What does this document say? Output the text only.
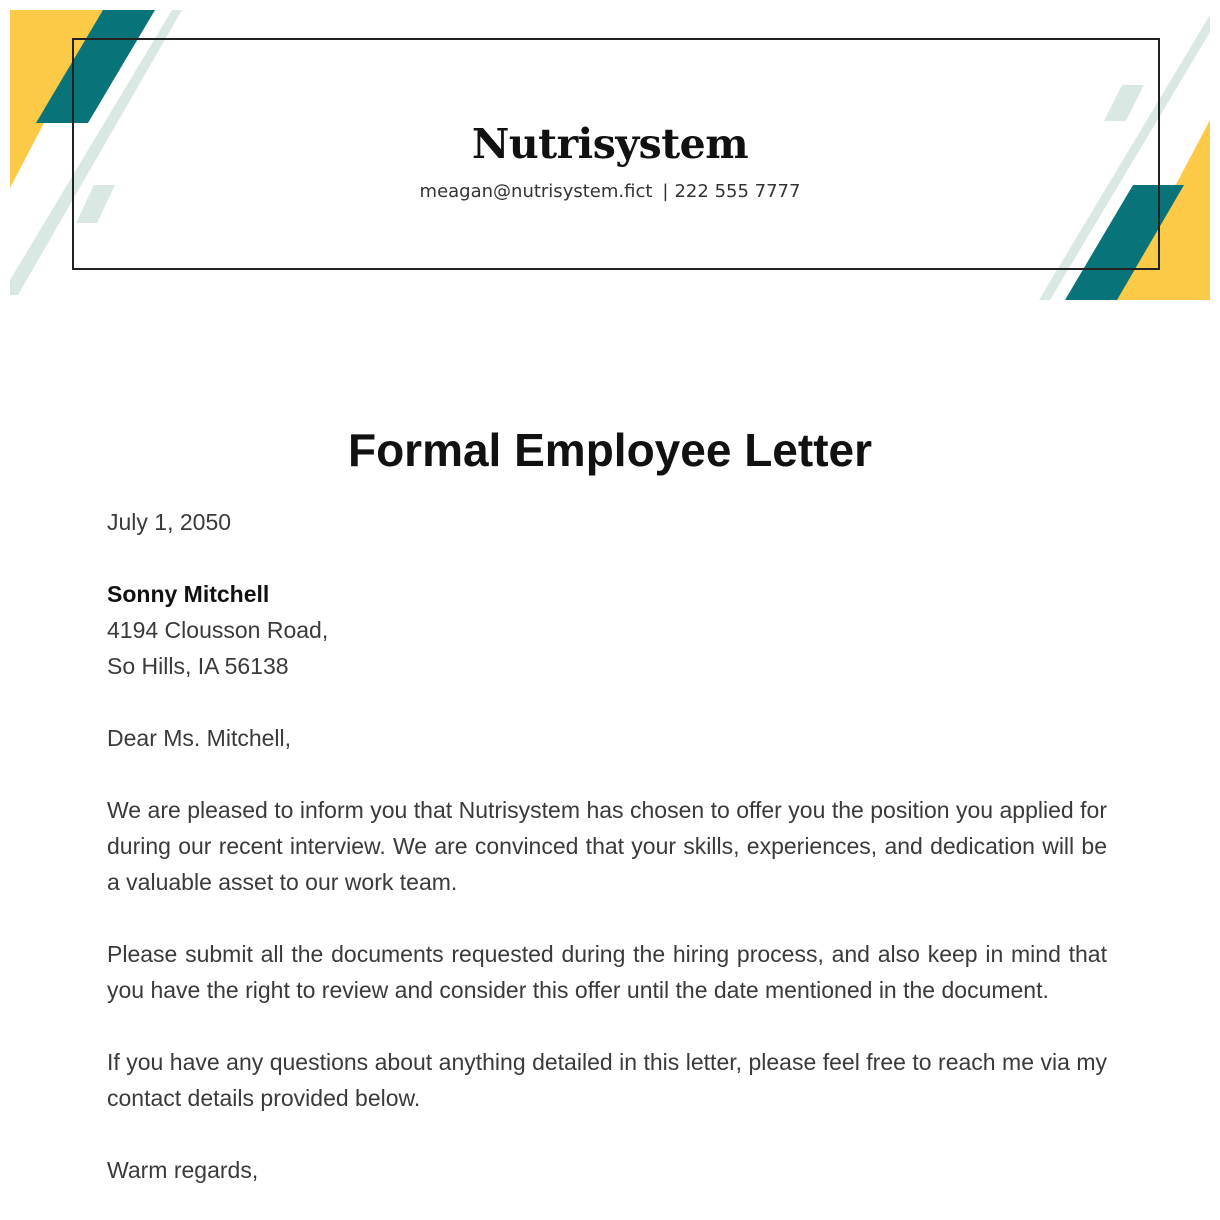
Nutrisystem
meagan@nutrisystem.fict | 222 555 7777
Formal Employee Letter

July 1, 2050

Sonny Mitchell

4194 Clousson Road,

So Hills, IA 56138

Dear Ms. Mitchell,

We are pleased to inform you that Nutrisystem has chosen to offer you the position you applied for during our recent interview. We are convinced that your skills, experiences, and dedication will be a valuable asset to our work team.

Please submit all the documents requested during the hiring process, and also keep in mind that you have the right to review and consider this offer until the date mentioned in the document.

If you have any questions about anything detailed in this letter, please feel free to reach me via my contact details provided below.

Warm regards,
